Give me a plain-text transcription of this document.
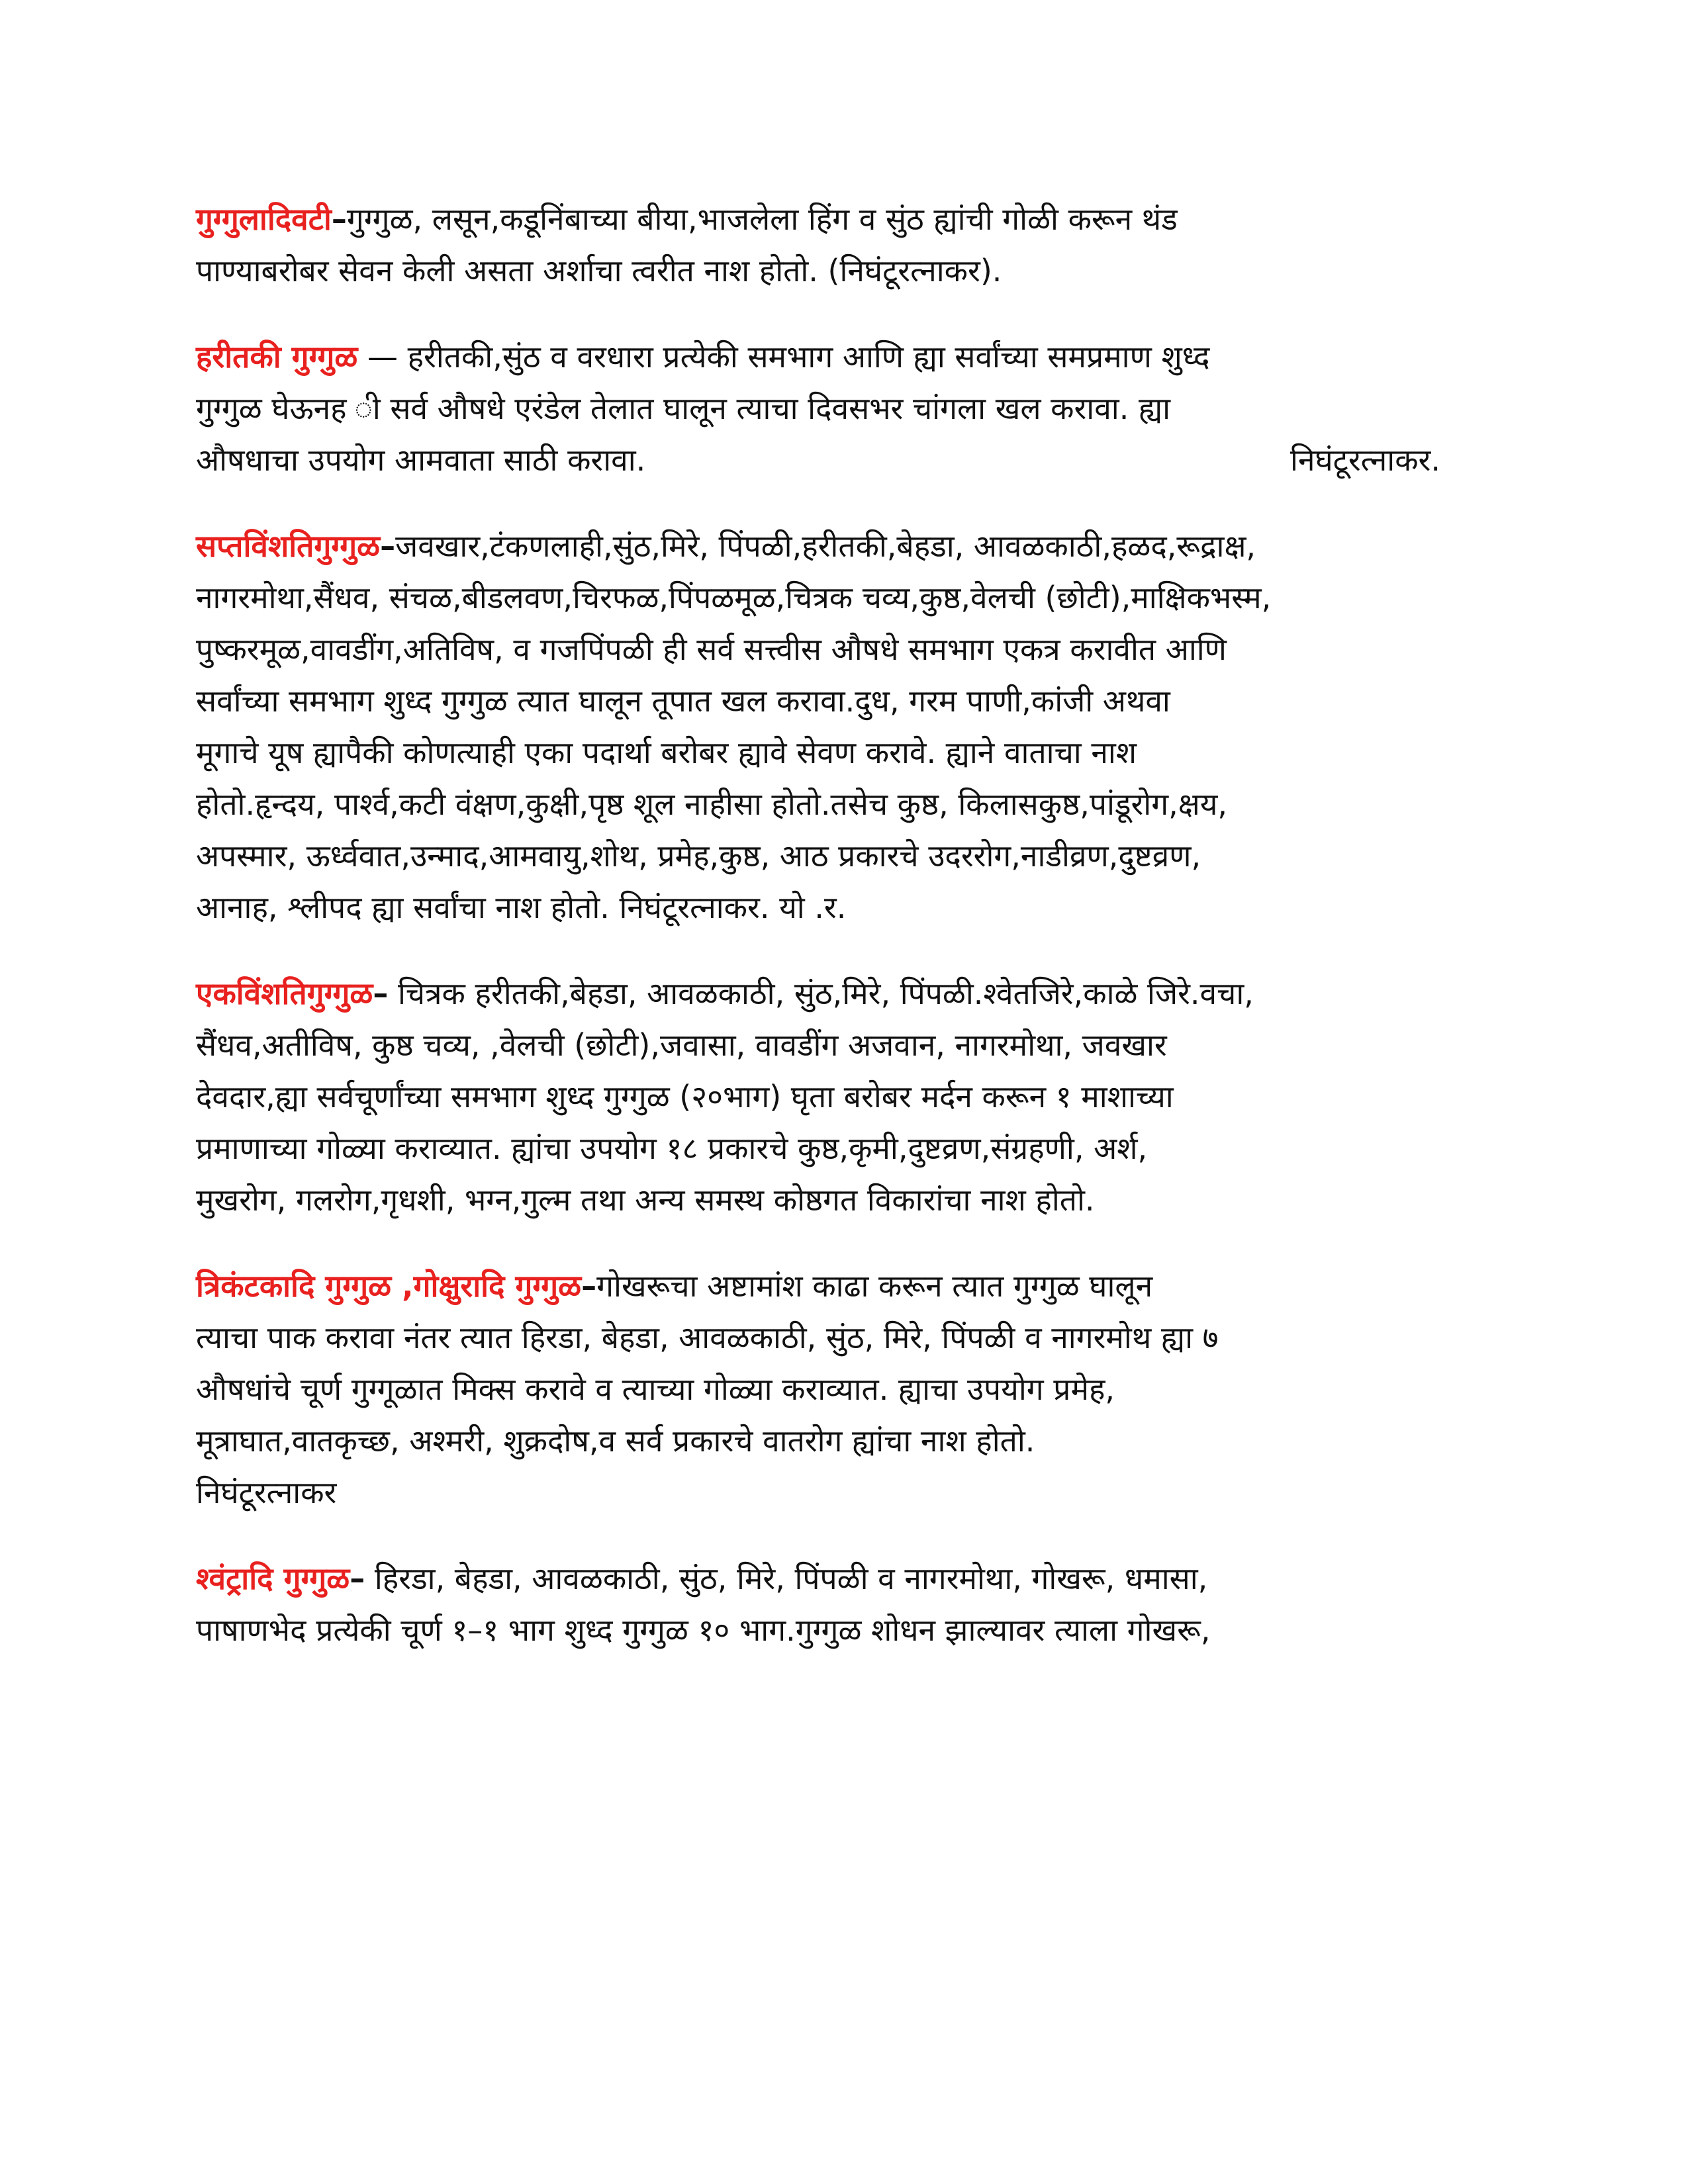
गुग्गुलादिवटी–गुग्गुळ, लसून,कडूनिंबाच्या बीया,भाजलेला हिंग व सुंठ ह्यांची गोळी करून थंड
पाण्याबरोबर सेवन केली असता अर्शाचा त्वरीत नाश होतो. (निघंटूरत्नाकर).
हरीतकी गुग्गुळ — हरीतकी,सुंठ व वरधारा प्रत्येकी समभाग आणि ह्या सर्वांच्या समप्रमाण शुध्द
गुग्गुळ घेऊनह ी सर्व औषधे एरंडेल तेलात घालून त्याचा दिवसभर चांगला खल करावा. ह्या
औषधाचा उपयोग आमवाता साठी करावा.	निघंटूरत्नाकर.
सप्तविंशतिगुग्गुळ–जवखार,टंकणलाही,सुंठ,मिरे, पिंपळी,हरीतकी,बेहडा, आवळकाठी,हळद,रूद्राक्ष,
नागरमोथा,सैंधव, संचळ,बीडलवण,चिरफळ,पिंपळमूळ,चित्रक चव्य,कुष्ठ,वेलची (छोटी),माक्षिकभस्म,
पुष्करमूळ,वावडींग,अतिविष, व गजपिंपळी ही सर्व सत्त्वीस औषधे समभाग एकत्र करावीत आणि
सर्वांच्या समभाग शुध्द गुग्गुळ त्यात घालून तूपात खल करावा.दुध, गरम पाणी,कांजी अथवा
मूगाचे यूष ह्यापैकी कोणत्याही एका पदार्था बरोबर ह्यावे सेवण करावे. ह्याने वाताचा नाश
होतो.हृन्दय, पार्श्व,कटी वंक्षण,कुक्षी,पृष्ठ शूल नाहीसा होतो.तसेच कुष्ठ, किलासकुष्ठ,पांडूरोग,क्षय,
अपस्मार, ऊर्ध्ववात,उन्माद,आमवायु,शोथ, प्रमेह,कुष्ठ, आठ प्रकारचे उदररोग,नाडीव्रण,दुष्टव्रण,
आनाह, श्लीपद ह्या सर्वांचा नाश होतो. निघंटूरत्नाकर. यो .र.
एकविंशतिगुग्गुळ– चित्रक हरीतकी,बेहडा, आवळकाठी, सुंठ,मिरे, पिंपळी.श्वेतजिरे,काळे जिरे.वचा,
सैंधव,अतीविष, कुष्ठ चव्य, ,वेलची (छोटी),जवासा, वावडींग अजवान, नागरमोथा, जवखार
देवदार,ह्या सर्वचूर्णांच्या समभाग शुध्द गुग्गुळ (२०भाग) घृता बरोबर मर्दन करून १ माशाच्या
प्रमाणाच्या गोळ्या कराव्यात. ह्यांचा उपयोग १८ प्रकारचे कुष्ठ,कृमी,दुष्टव्रण,संग्रहणी, अर्श,
मुखरोग, गलरोग,गृधशी, भग्न,गुल्म तथा अन्य समस्थ कोष्ठगत विकारांचा नाश होतो.
त्रिकंटकादि गुग्गुळ ,गोक्षुरादि गुग्गुळ–गोखरूचा अष्टामांश काढा करून त्यात गुग्गुळ घालून
त्याचा पाक करावा नंतर त्यात हिरडा, बेहडा, आवळकाठी, सुंठ, मिरे, पिंपळी व नागरमोथ ह्या ७
औषधांचे चूर्ण गुग्गूळात मिक्स करावे व त्याच्या गोळ्या कराव्यात. ह्याचा उपयोग प्रमेह,
मूत्राघात,वातकृच्छ, अश्मरी, शुक्रदोष,व सर्व प्रकारचे वातरोग ह्यांचा नाश होतो.
निघंटूरत्नाकर
श्वंट्रादि गुग्गुळ– हिरडा, बेहडा, आवळकाठी, सुंठ, मिरे, पिंपळी व नागरमोथा, गोखरू, धमासा,
पाषाणभेद प्रत्येकी चूर्ण १–१ भाग शुध्द गुग्गुळ १० भाग.गुग्गुळ शोधन झाल्यावर त्याला गोखरू,
